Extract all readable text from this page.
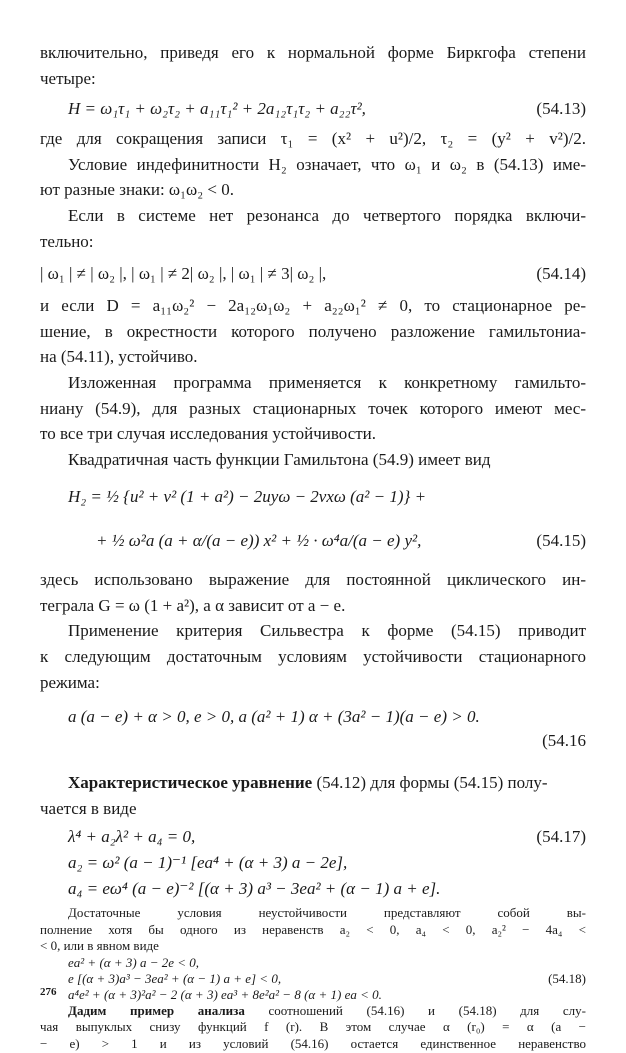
включительно, приведя его к нормальной форме Биркгофа степени
четыре:
H = ω₁τ₁ + ω₂τ₂ + a₁₁τ₁² + 2a₁₂τ₁τ₂ + a₂₂τ²,	(54.13)
где для сокращения записи τ₁ = (x² + u²)/2, τ₂ = (y² + v²)/2.
Условие индефинитности H₂ означает, что ω₁ и ω₂ в (54.13) име-
ют разные знаки: ω₁ω₂ < 0.
Если в системе нет резонанса до четвертого порядка включи-
тельно:
| ω₁ | ≠ | ω₂ |, | ω₁ | ≠ 2| ω₂ |, | ω₁ | ≠ 3| ω₂ |,	(54.14)
и если D = a₁₁ω₂² − 2a₁₂ω₁ω₂ + a₂₂ω₁² ≠ 0, то стационарное ре-
шение, в окрестности которого получено разложение гамильтониа-
на (54.11), устойчиво.
Изложенная программа применяется к конкретному гамильто-
ниану (54.9), для разных стационарных точек которого имеют мес-
то все три случая исследования устойчивости.
Квадратичная часть функции Гамильтона (54.9) имеет вид
H₂ = ½ {u² + v² (1 + a²) − 2uyω − 2vxω (a² − 1)} +
+ ½ ω²a (a + α/(a − e)) x² + ½ · ω⁴a/(a − e) y²,	(54.15)
здесь использовано выражение для постоянной циклического ин-
теграла G = ω (1 + a²), а α зависит от a − e.
Применение критерия Сильвестра к форме (54.15) приводит
к следующим достаточным условиям устойчивости стационарного
режима:
a (a − e) + α > 0, e > 0, a (a² + 1) α + (3a² − 1)(a − e) > 0.
(54.16
Характеристическое уравнение (54.12) для формы (54.15) полу-
чается в виде
λ⁴ + a₂λ² + a₄ = 0,	(54.17)
a₂ = ω² (a − 1)⁻¹ [ea⁴ + (α + 3) a − 2e],
a₄ = eω⁴ (a − e)⁻² [(α + 3) a³ − 3ea² + (α − 1) a + e].
276
Достаточные условия неустойчивости представляют собой вы-
полнение хотя бы одного из неравенств a₂ < 0, a₄ < 0, a₂² − 4a₄ <
< 0, или в явном виде
ea² + (α + 3) a − 2e < 0,
e [(α + 3)a³ − 3ea² + (α − 1) a + e] < 0,	(54.18)
a⁴e² + (α + 3)²a² − 2 (α + 3) ea³ + 8e²a² − 8 (α + 1) ea < 0.
Дадим пример анализа соотношений (54.16) и (54.18) для слу-
чая выпуклых снизу функций f (r). В этом случае α (r₀) = α (a −
− e) > 1 и из условий (54.16) остается единственное неравенство
